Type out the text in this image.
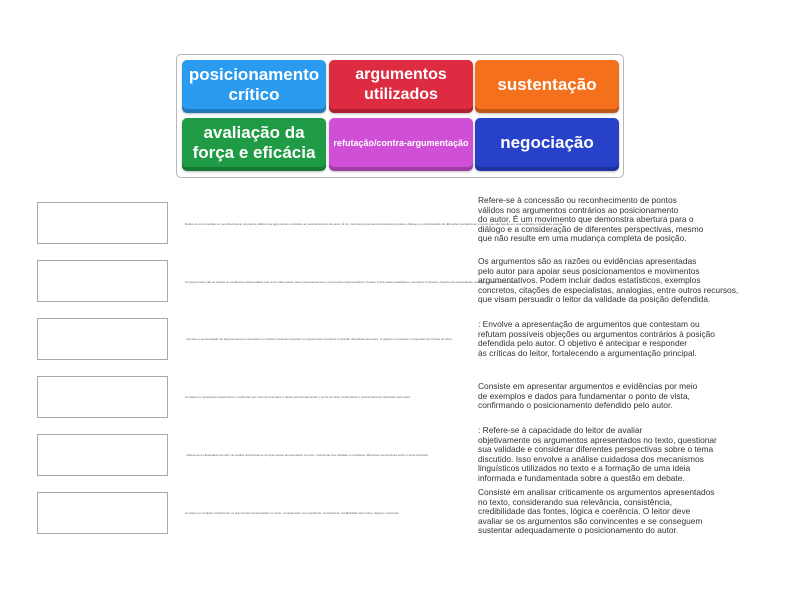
posicionamento crítico
argumentos utilizados
sustentação
avaliação da força e eficácia
refutação/contra-argumentação negociação
Refere-se à concessão ou reconhecimento de pontos válidos nos argumentos contrários ao posicionamento do autor. É um movimento que demonstra abertura para o diálogo e a consideração de diferentes perspectivas, mesmo que não resulte em uma mudança completa de posição.
Refere-se à concessão ou reconhecimento de pontos
válidos nos argumentos contrários ao posicionamento
do autor. É um movimento que demonstra abertura para o
diálogo e a consideração de diferentes perspectivas, mesmo
que não resulte em uma mudança completa de posição.
Os argumentos são as razões ou evidências apresentadas pelo autor para apoiar seus posicionamentos e movimentos argumentativos. Podem incluir dados estatísticos, exemplos concretos, citações de especialistas, analogias, entre outros recursos.
Os argumentos são as razões ou evidências apresentadas
pelo autor para apoiar seus posicionamentos e movimentos
argumentativos. Podem incluir dados estatísticos, exemplos
concretos, citações de especialistas, analogias, entre outros recursos,
que visam persuadir o leitor da validade da posição defendida.
: Envolve a apresentação de argumentos que contestam ou refutam possíveis objeções ou argumentos contrários à posição defendida pelo autor. O objetivo é antecipar e responder às críticas do leitor.
: Envolve a apresentação de argumentos que contestam ou
refutam possíveis objeções ou argumentos contrários à posição
defendida pelo autor. O objetivo é antecipar e responder
às críticas do leitor, fortalecendo a argumentação principal.
Consiste em apresentar argumentos e evidências por meio de exemplos e dados para fundamentar o ponto de vista, confirmando o posicionamento defendido pelo autor.
Consiste em apresentar argumentos e evidências por meio
de exemplos e dados para fundamentar o ponto de vista,
confirmando o posicionamento defendido pelo autor.
: Refere-se à capacidade do leitor de avaliar objetivamente os argumentos apresentados no texto, questionar sua validade e considerar diferentes perspectivas sobre o tema discutido.
: Refere-se à capacidade do leitor de avaliar
objetivamente os argumentos apresentados no texto, questionar
sua validade e considerar diferentes perspectivas sobre o tema
discutido. Isso envolve a análise cuidadosa dos mecanismos
linguísticos utilizados no texto e a formação de uma ideia
informada e fundamentada sobre a questão em debate.
Consiste em analisar criticamente os argumentos apresentados no texto, considerando sua relevância, consistência, credibilidade das fontes, lógica e coerência.
Consiste em analisar criticamente os argumentos apresentados
no texto, considerando sua relevância, consistência,
credibilidade das fontes, lógica e coerência. O leitor deve
avaliar se os argumentos são convincentes e se conseguem
sustentar adequadamente o posicionamento do autor.
